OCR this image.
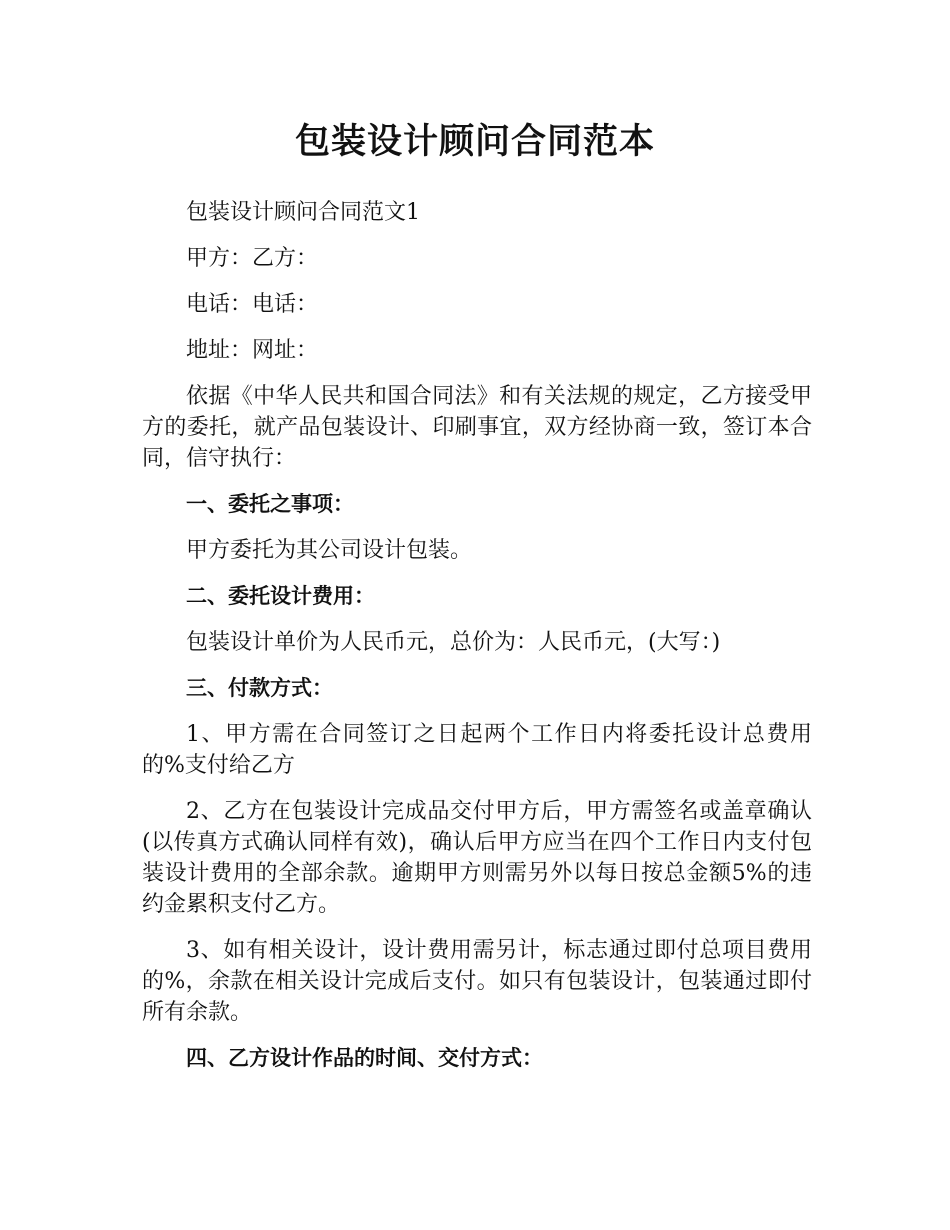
包装设计顾问合同范本

包装设计顾问合同范文1

甲方：乙方：

电话：电话：

地址：网址：

依据《中华人民共和国合同法》和有关法规的规定，乙方接受甲方的委托，就产品包装设计、印刷事宜，双方经协商一致，签订本合同，信守执行：

一、委托之事项：

甲方委托为其公司设计包装。

二、委托设计费用：

包装设计单价为人民币元，总价为：人民币元，(大写：)

三、付款方式：

1、甲方需在合同签订之日起两个工作日内将委托设计总费用的%支付给乙方

2、乙方在包装设计完成品交付甲方后，甲方需签名或盖章确认(以传真方式确认同样有效)，确认后甲方应当在四个工作日内支付包装设计费用的全部余款。逾期甲方则需另外以每日按总金额5%的违约金累积支付乙方。

3、如有相关设计，设计费用需另计，标志通过即付总项目费用的%，余款在相关设计完成后支付。如只有包装设计，包装通过即付所有余款。

四、乙方设计作品的时间、交付方式：
